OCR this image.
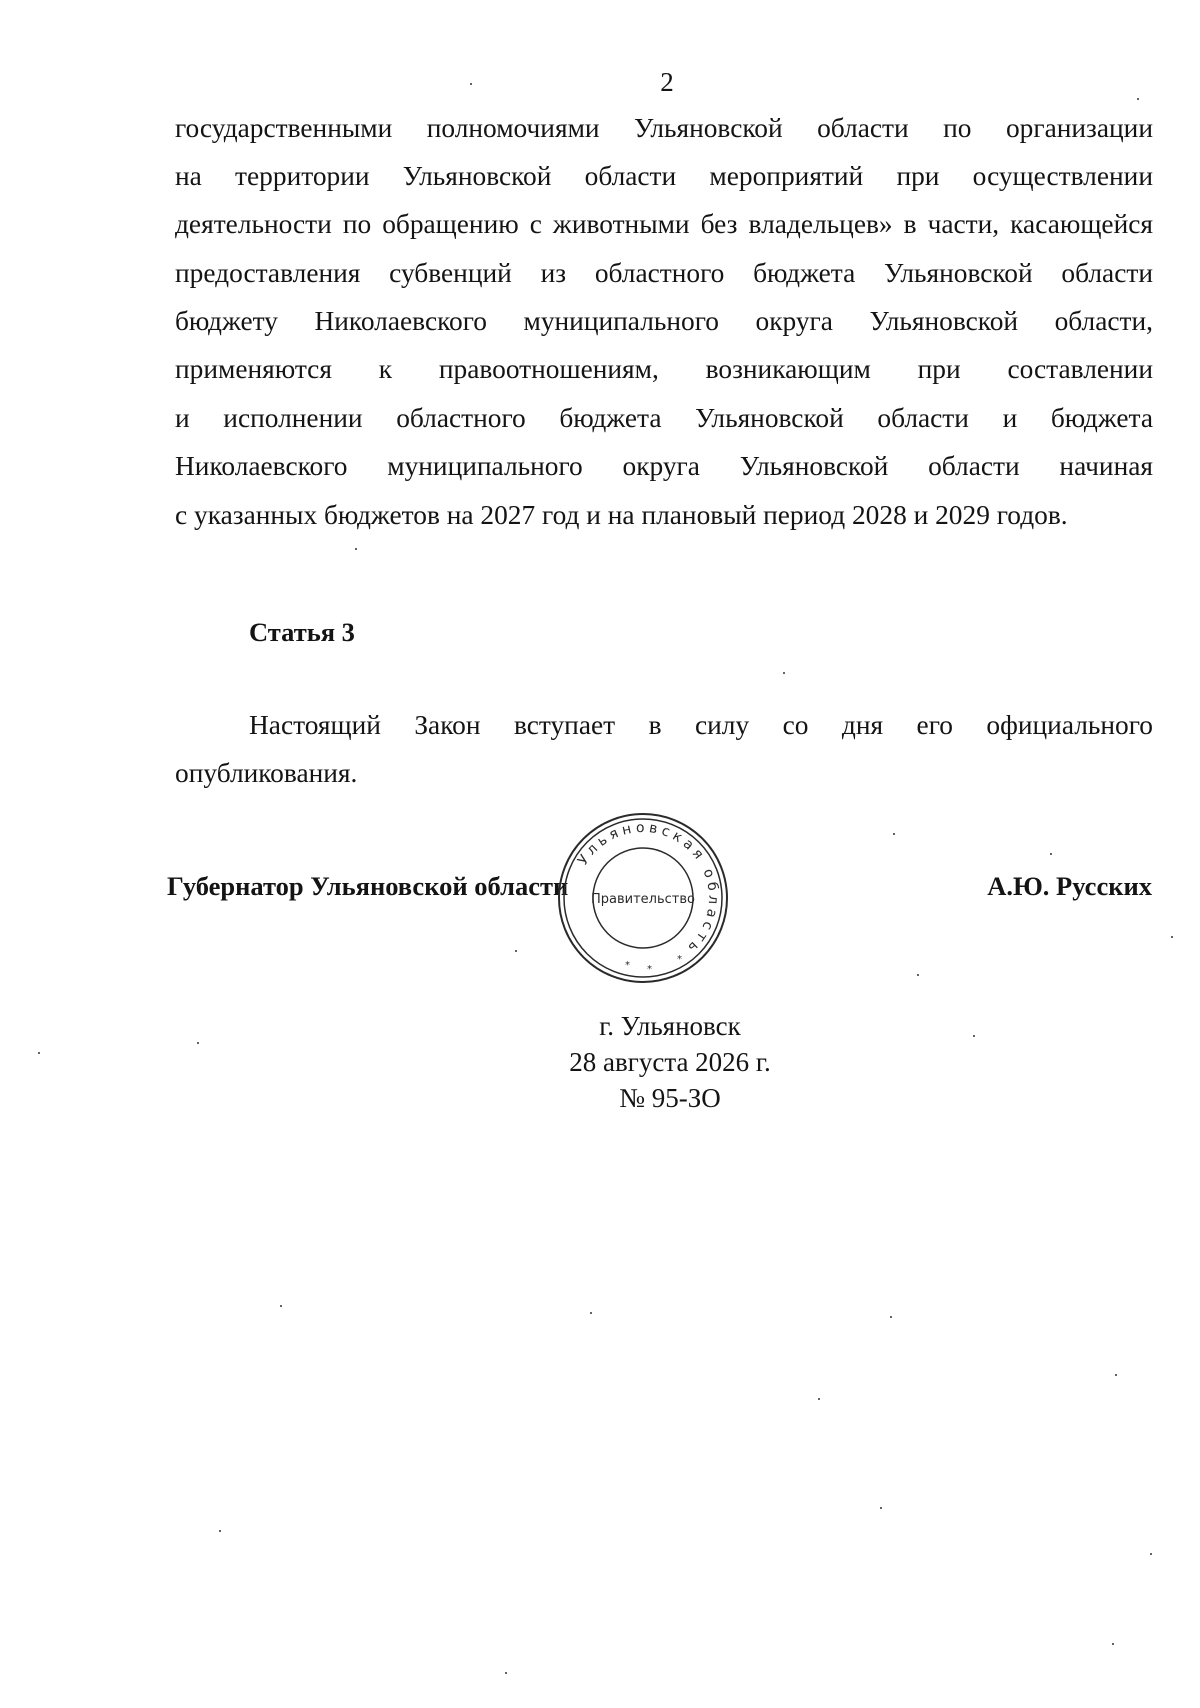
2
государственными полномочиями Ульяновской области по организации
на территории Ульяновской области мероприятий при осуществлении
деятельности по обращению с животными без владельцев» в части, касающейся
предоставления субвенций из областного бюджета Ульяновской области
бюджету Николаевского муниципального округа Ульяновской области,
применяются к правоотношениям, возникающим при составлении
и исполнении областного бюджета Ульяновской области и бюджета
Николаевского муниципального округа Ульяновской области начиная
с указанных бюджетов на 2027 год и на плановый период 2028 и 2029 годов.
Статья 3
Настоящий Закон вступает в силу со дня его официального
опубликования.
Губернатор Ульяновской области
Ульяновская область
Правительство
* *
*
А.Ю. Русских
г. Ульяновск
28 августа 2026 г.
№ 95-ЗО
